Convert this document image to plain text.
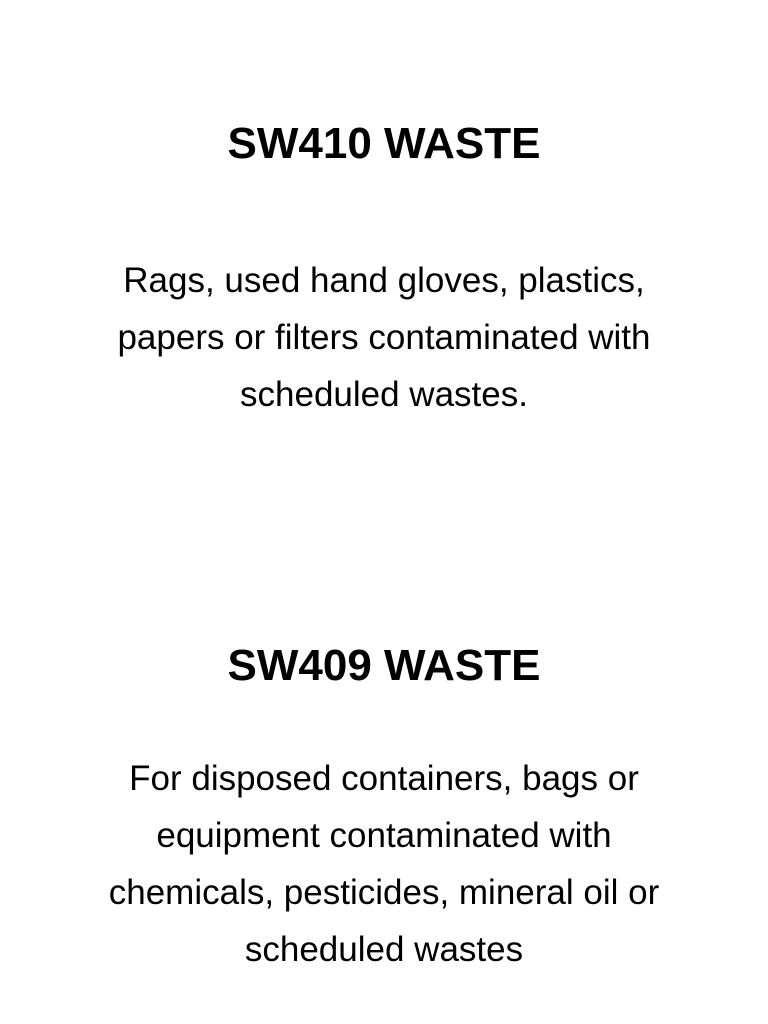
SW410 WASTE

Rags, used hand gloves, plastics,
papers or filters contaminated with
scheduled wastes.

SW409 WASTE

For disposed containers, bags or
equipment contaminated with
chemicals, pesticides, mineral oil or
scheduled wastes
